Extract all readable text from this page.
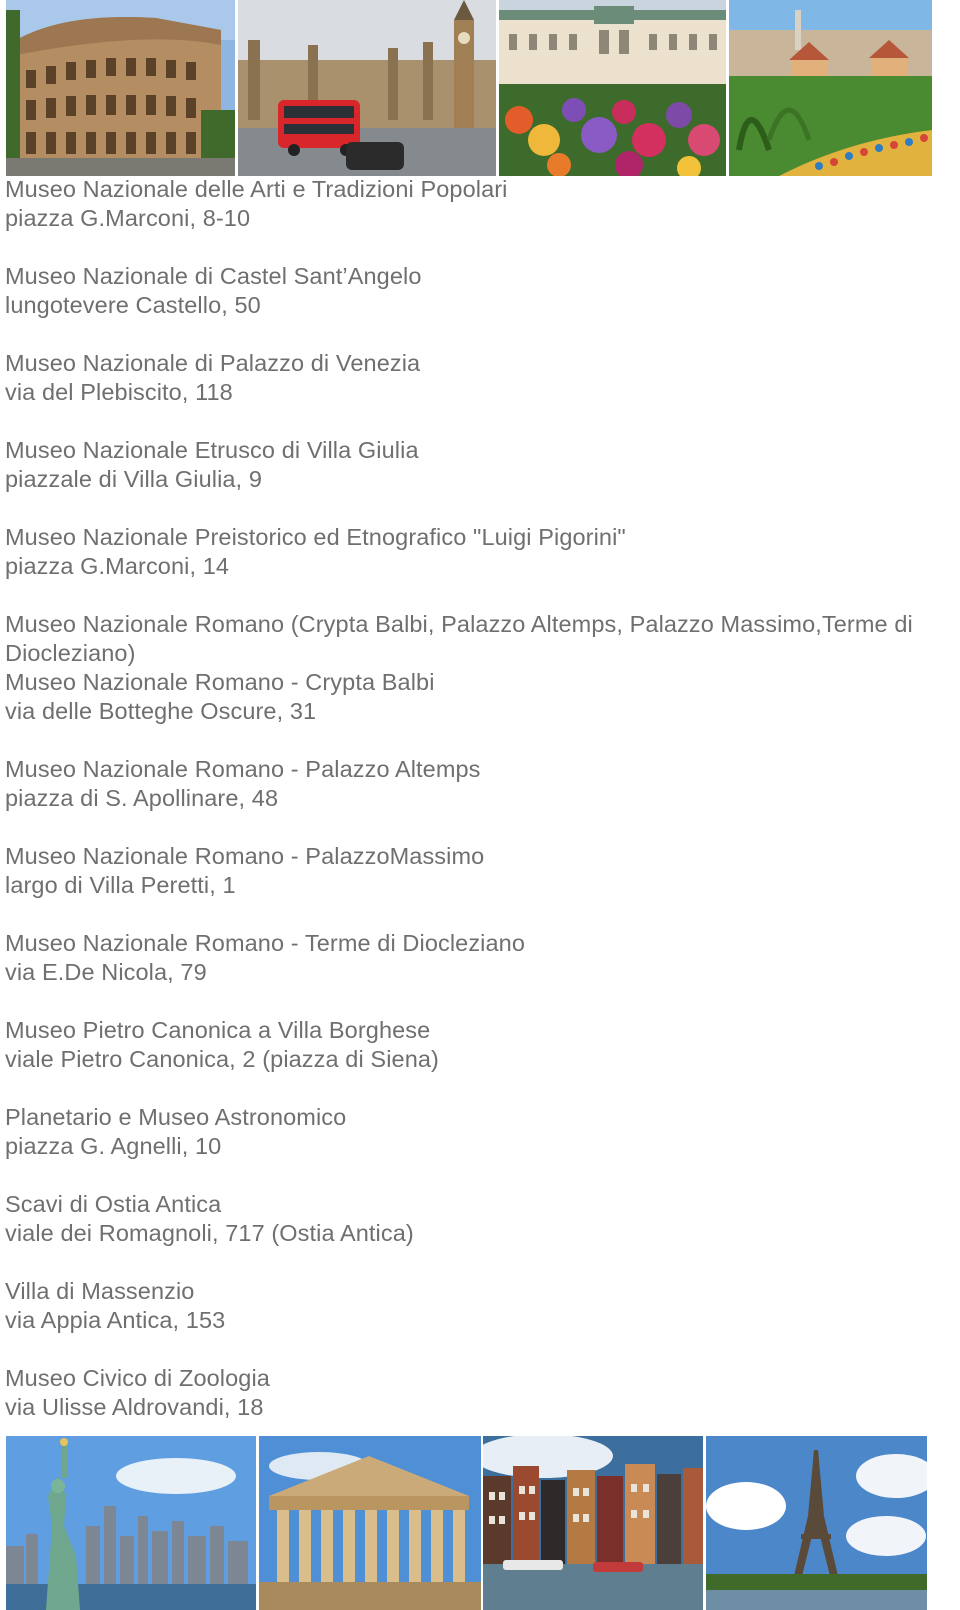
Museo Nazionale delle Arti e Tradizioni Popolari
piazza G.Marconi, 8-10
Museo Nazionale di Castel Sant’Angelo
lungotevere Castello, 50
Museo Nazionale di Palazzo di Venezia
via del Plebiscito, 118
Museo Nazionale Etrusco di Villa Giulia
piazzale di Villa Giulia, 9
Museo Nazionale Preistorico ed Etnografico "Luigi Pigorini"
piazza G.Marconi, 14
Museo Nazionale Romano (Crypta Balbi, Palazzo Altemps, Palazzo Massimo,Terme di Diocleziano)
Museo Nazionale Romano - Crypta Balbi
via delle Botteghe Oscure, 31
Museo Nazionale Romano - Palazzo Altemps
piazza di S. Apollinare, 48
Museo Nazionale Romano - PalazzoMassimo
largo di Villa Peretti, 1
Museo Nazionale Romano - Terme di Diocleziano
via E.De Nicola, 79
Museo Pietro Canonica a Villa Borghese
viale Pietro Canonica, 2 (piazza di Siena)
Planetario e Museo Astronomico
piazza G. Agnelli, 10
Scavi di Ostia Antica
viale dei Romagnoli, 717 (Ostia Antica)
Villa di Massenzio
via Appia Antica, 153
Museo Civico di Zoologia
via Ulisse Aldrovandi, 18
